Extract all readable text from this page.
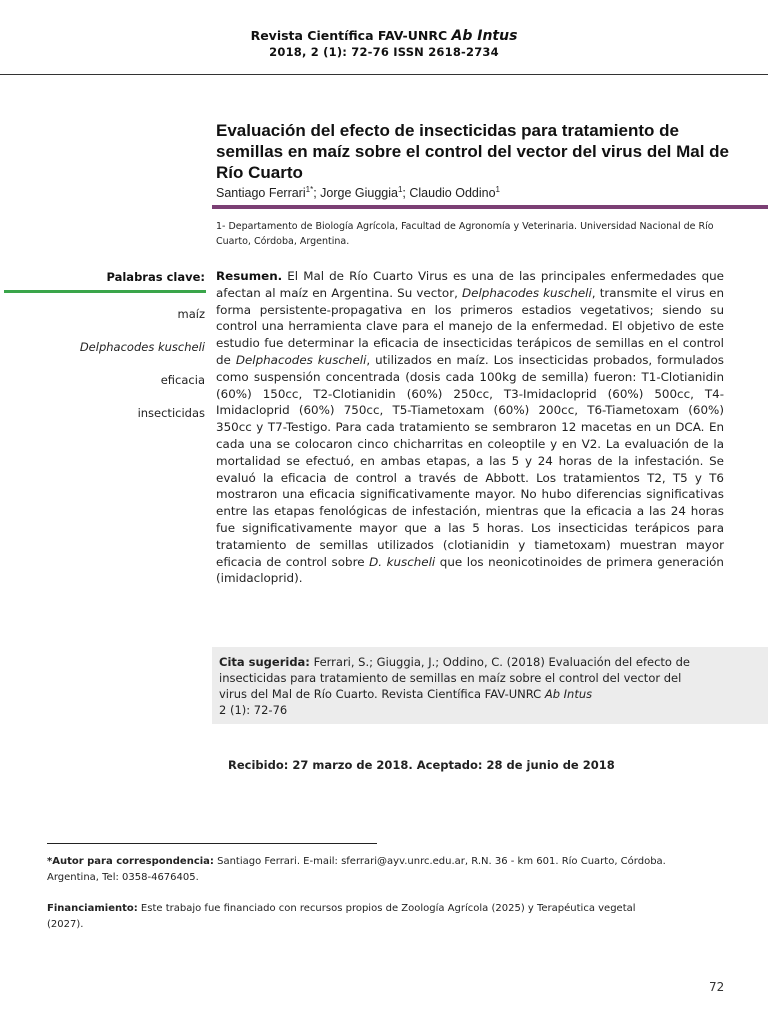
Revista Científica FAV-UNRC Ab Intus
2018, 2 (1): 72-76 ISSN 2618-2734
Evaluación del efecto de insecticidas para tratamiento de semillas en maíz sobre el control del vector del virus del Mal de Río Cuarto
Santiago Ferrari$^{1*}$; Jorge Giuggia$^1$; Claudio Oddino$^1$
1- Departamento de Biología Agrícola, Facultad de Agronomía y Veterinaria. Universidad Nacional de Río Cuarto, Córdoba, Argentina.
Palabras clave:
maíz
Delphacodes kuscheli
eficacia
insecticidas
Resumen. El Mal de Río Cuarto Virus es una de las principales enfermedades que afectan al maíz en Argentina. Su vector, Delphacodes kuscheli, transmite el virus en forma persistente-propagativa en los primeros estadios vegetativos; siendo su control una herramienta clave para el manejo de la enfermedad. El objetivo de este estudio fue determinar la eficacia de insecticidas terápicos de semillas en el control de Delphacodes kuscheli, utilizados en maíz. Los insecticidas probados, formulados como suspensión concentrada (dosis cada 100kg de semilla) fueron: T1-Clotianidin (60%) 150cc, T2-Clotianidin (60%) 250cc, T3-Imidacloprid (60%) 500cc, T4-Imidacloprid (60%) 750cc, T5-Tiametoxam (60%) 200cc, T6-Tiametoxam (60%) 350cc y T7-Testigo. Para cada tratamiento se sembraron 12 macetas en un DCA. En cada una se colocaron cinco chicharritas en coleoptile y en V2. La evaluación de la mortalidad se efectuó, en ambas etapas, a las 5 y 24 horas de la infestación. Se evaluó la eficacia de control a través de Abbott. Los tratamientos T2, T5 y T6 mostraron una eficacia significativamente mayor. No hubo diferencias significativas entre las etapas fenológicas de infestación, mientras que la eficacia a las 24 horas fue significativamente mayor que a las 5 horas. Los insecticidas terápicos para tratamiento de semillas utilizados (clotianidin y tiametoxam) muestran mayor eficacia de control sobre D. kuscheli que los neonicotinoides de primera generación (imidacloprid).
Cita sugerida: Ferrari, S.; Giuggia, J.; Oddino, C. (2018) Evaluación del efecto de insecticidas para tratamiento de semillas en maíz sobre el control del vector del virus del Mal de Río Cuarto. Revista Científica FAV-UNRC Ab Intus
2 (1): 72-76
Recibido: 27 marzo de 2018. Aceptado: 28 de junio de 2018
*Autor para correspondencia: Santiago Ferrari. E-mail: sferrari@ayv.unrc.edu.ar, R.N. 36 - km 601. Río Cuarto, Córdoba. Argentina, Tel: 0358-4676405.
Financiamiento: Este trabajo fue financiado con recursos propios de Zoología Agrícola (2025) y Terapéutica vegetal (2027).
72
